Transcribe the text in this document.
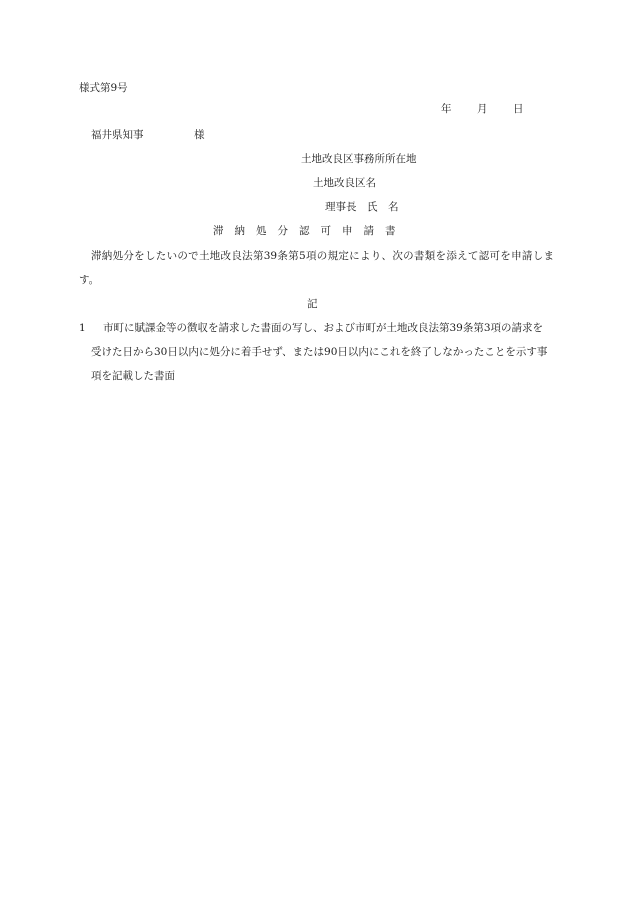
様式第9号
年 月 日
福井県知事	様
土地改良区事務所所在地
土地改良区名
理事長　氏　名
滞納処分認可申請書
滞納処分をしたいので土地改良法第39条第5項の規定により、次の書類を添えて認可を申請します。
記
1	市町に賦課金等の徴収を請求した書面の写し、および市町が土地改良法第39条第3項の請求を受けた日から30日以内に処分に着手せず、または90日以内にこれを終了しなかったことを示す事項を記載した書面
